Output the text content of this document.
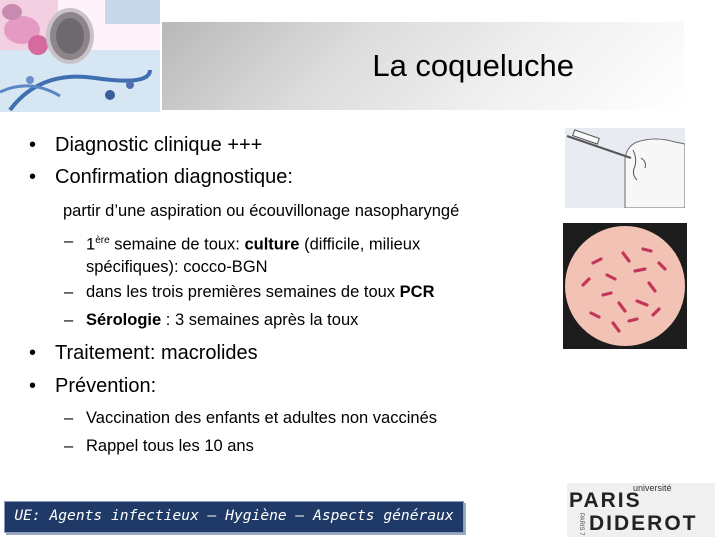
La coqueluche
• Diagnostic clinique +++
• Confirmation diagnostique:
partir d’une aspiration ou écouvillonage nasopharyngé
– 1ère semaine de toux: culture (difficile, milieux
spécifiques): cocco-BGN
– dans les trois premières semaines de toux PCR
– Sérologie : 3 semaines après la toux
• Traitement: macrolides
• Prévention:
– Vaccination des enfants et adultes non vaccinés
– Rappel tous les 10 ans
UE: Agents infectieux – Hygiène – Aspects généraux
université
PARIS
PARIS 7 DIDEROT
